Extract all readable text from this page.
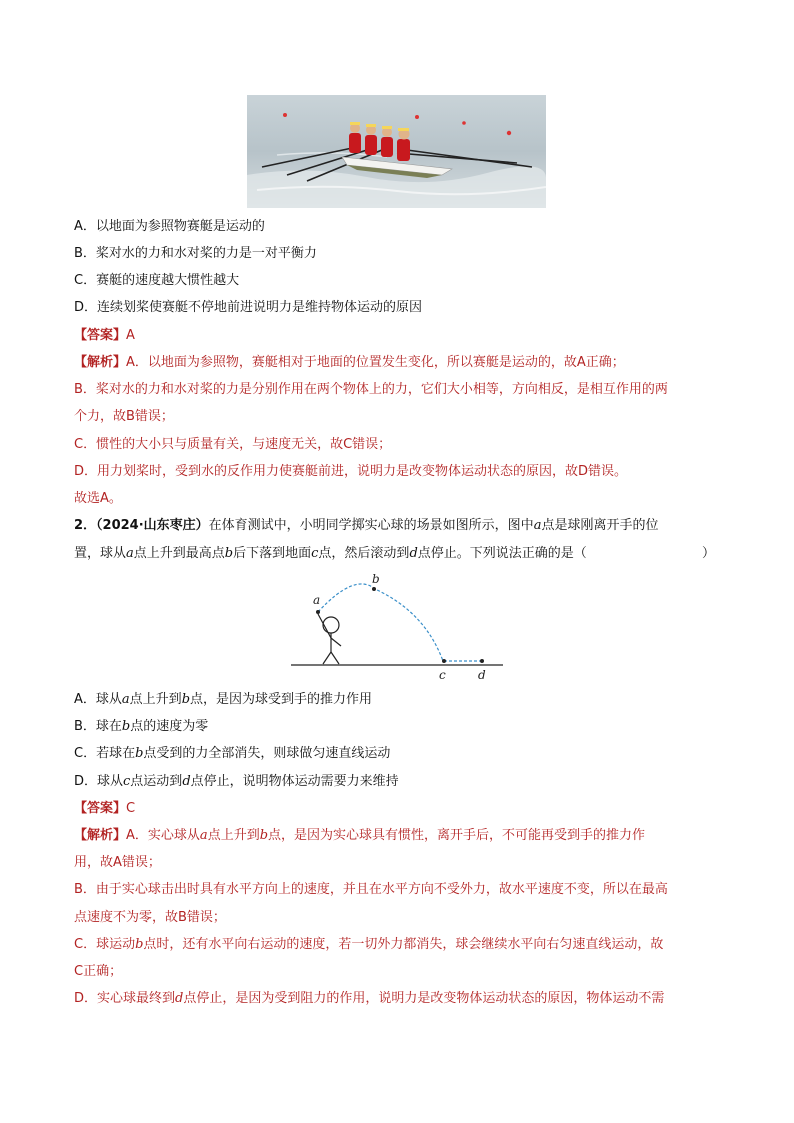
A．以地面为参照物赛艇是运动的
B．桨对水的力和水对桨的力是一对平衡力
C．赛艇的速度越大惯性越大
D．连续划桨使赛艇不停地前进说明力是维持物体运动的原因
【答案】A
【解析】A．以地面为参照物，赛艇相对于地面的位置发生变化，所以赛艇是运动的，故A正确；
B．桨对水的力和水对桨的力是分别作用在两个物体上的力，它们大小相等，方向相反，是相互作用的两
个力，故B错误；
C．惯性的大小只与质量有关，与速度无关，故C错误；
D．用力划桨时，受到水的反作用力使赛艇前进，说明力是改变物体运动状态的原因，故D错误。
故选A。
2．（2024·山东枣庄）在体育测试中，小明同学掷实心球的场景如图所示，图中a点是球刚离开手的位
置，球从a点上升到最高点b后下落到地面c点，然后滚动到d点停止。下列说法正确的是（	）
a
b
c	d
A．球从a点上升到b点，是因为球受到手的推力作用
B．球在b点的速度为零
C．若球在b点受到的力全部消失，则球做匀速直线运动
D．球从c点运动到d点停止，说明物体运动需要力来维持
【答案】C
【解析】A．实心球从a点上升到b点，是因为实心球具有惯性，离开手后，不可能再受到手的推力作
用，故A错误；
B．由于实心球击出时具有水平方向上的速度，并且在水平方向不受外力，故水平速度不变，所以在最高
点速度不为零，故B错误；
C．球运动b点时，还有水平向右运动的速度，若一切外力都消失，球会继续水平向右匀速直线运动，故
C正确；
D．实心球最终到d点停止，是因为受到阻力的作用，说明力是改变物体运动状态的原因，物体运动不需
